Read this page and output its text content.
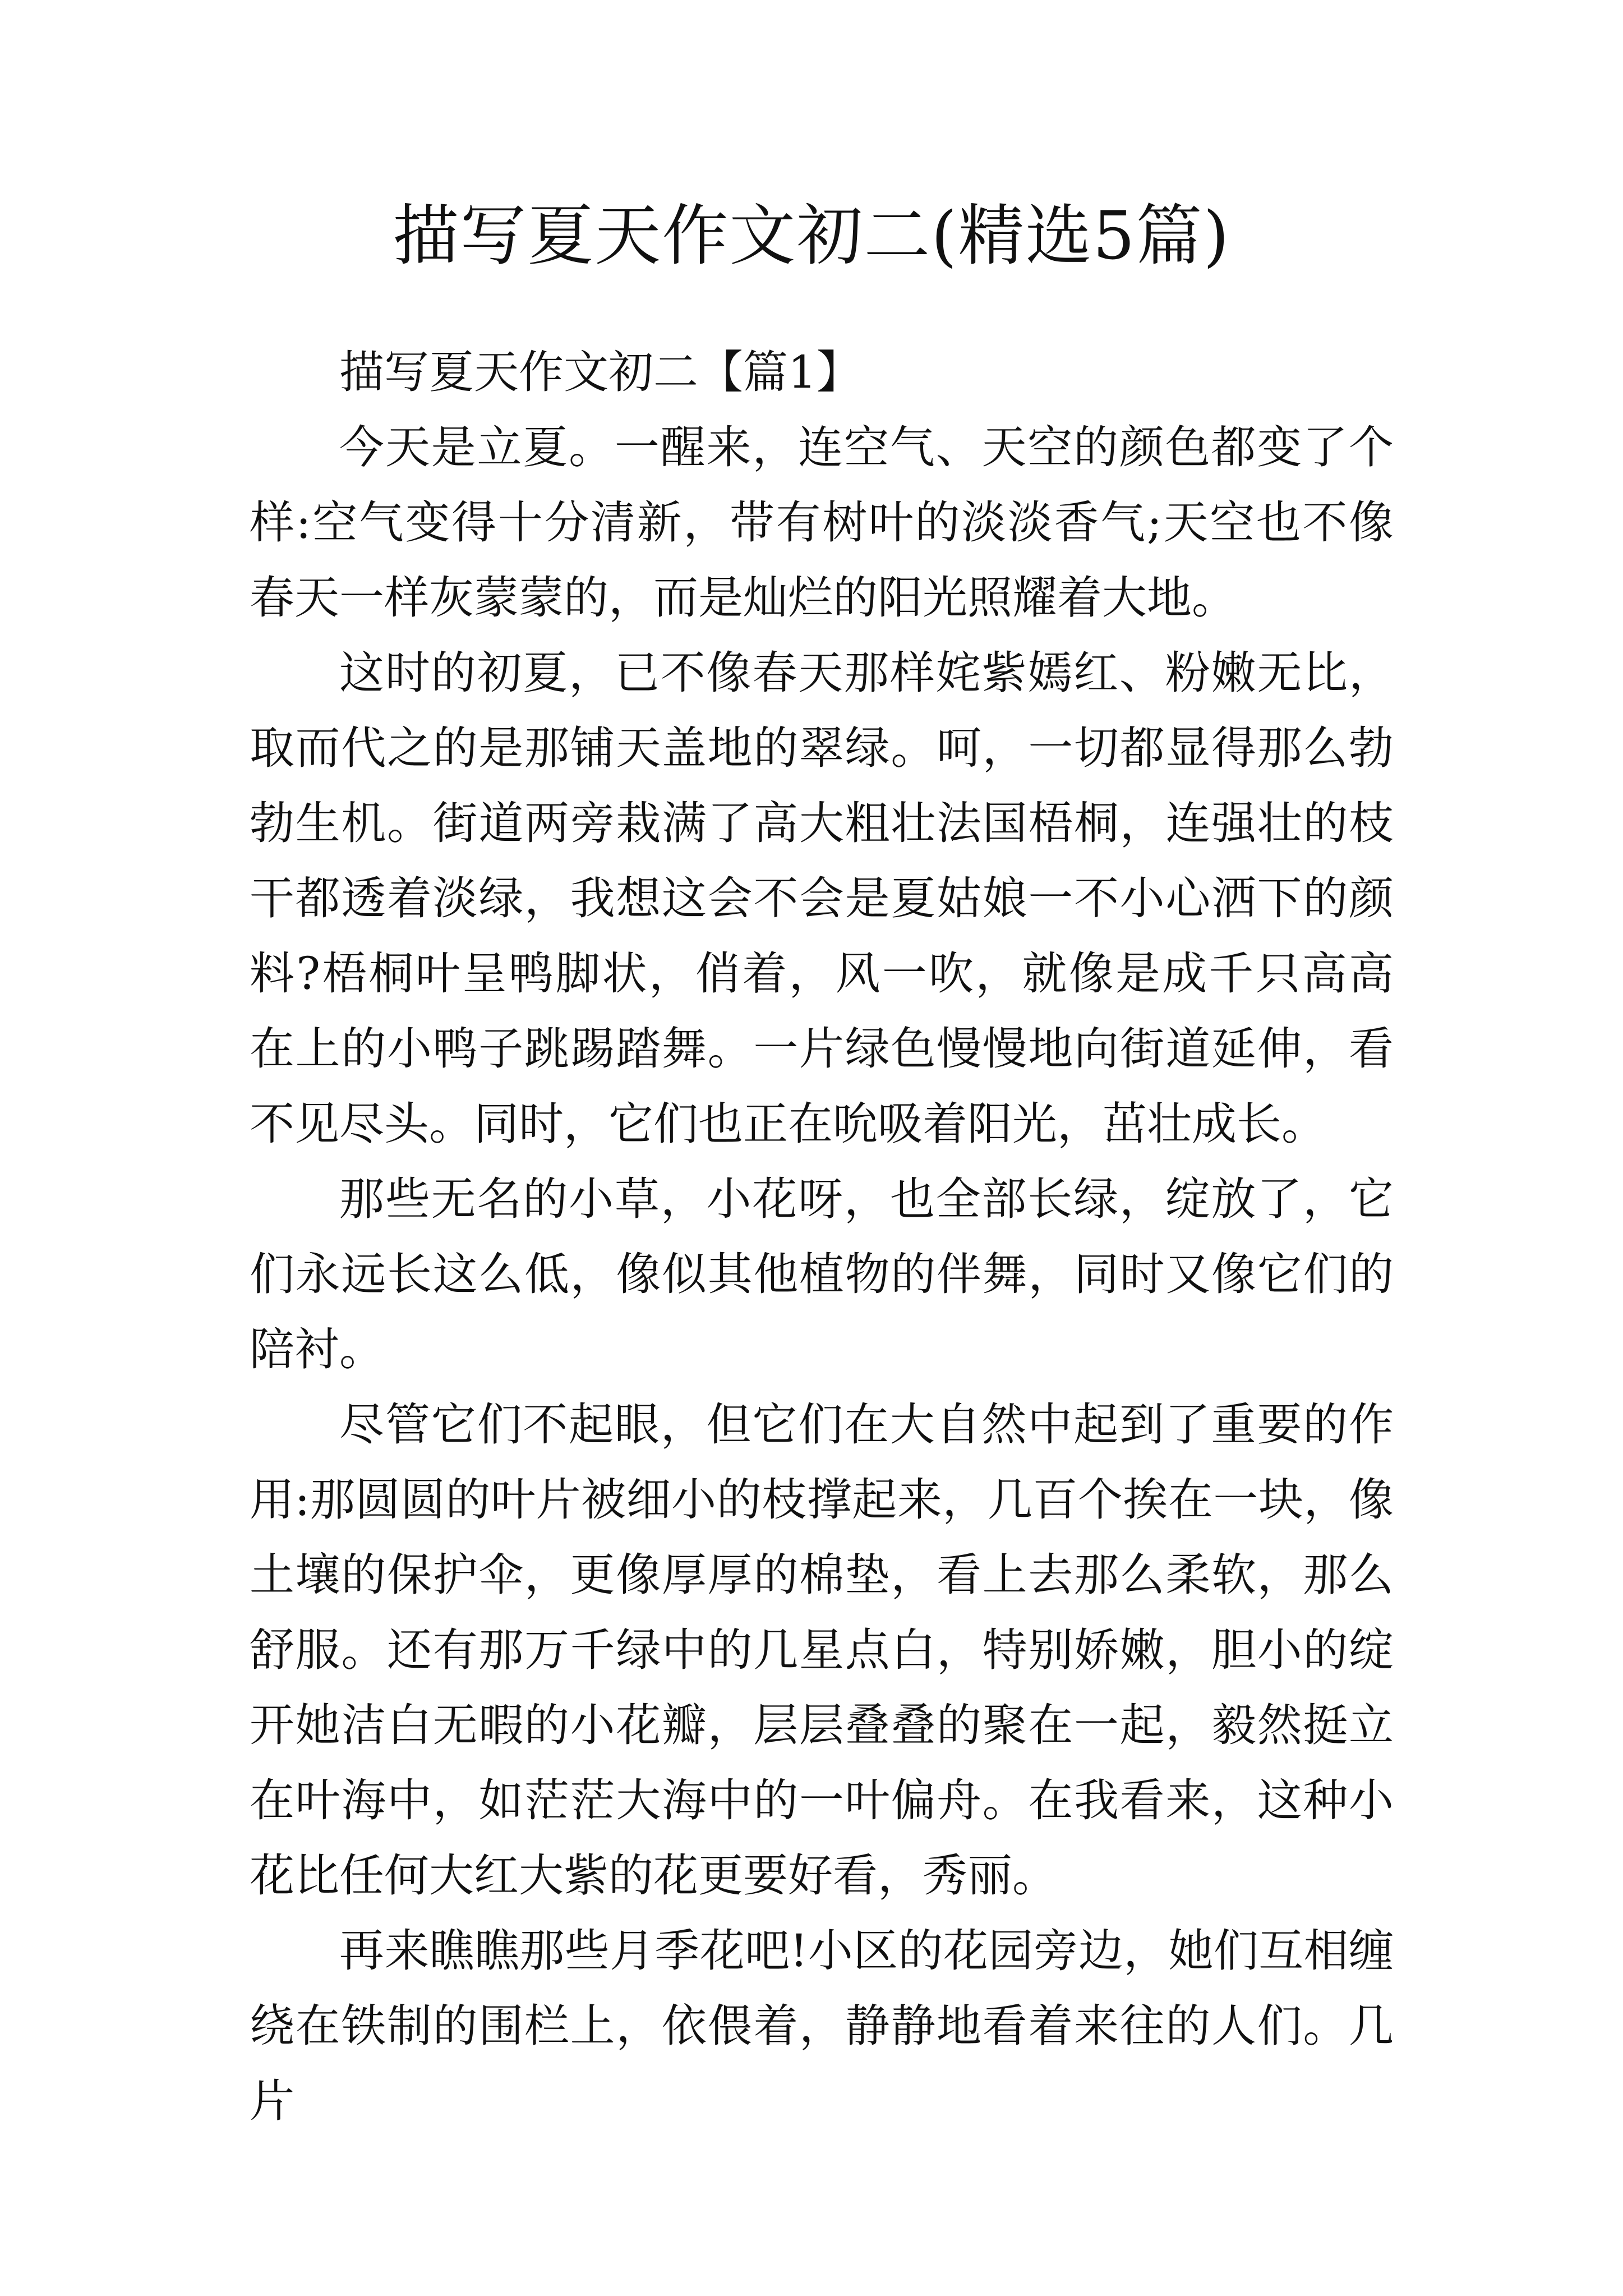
描写夏天作文初二(精选5篇)

描写夏天作文初二【篇1】

今天是立夏。一醒来，连空气、天空的颜色都变了个样:空气变得十分清新，带有树叶的淡淡香气;天空也不像春天一样灰蒙蒙的，而是灿烂的阳光照耀着大地。

这时的初夏，已不像春天那样姹紫嫣红、粉嫩无比，取而代之的是那铺天盖地的翠绿。呵，一切都显得那么勃勃生机。街道两旁栽满了高大粗壮法国梧桐，连强壮的枝干都透着淡绿，我想这会不会是夏姑娘一不小心洒下的颜料?梧桐叶呈鸭脚状，俏着，风一吹，就像是成千只高高在上的小鸭子跳踢踏舞。一片绿色慢慢地向街道延伸，看不见尽头。同时，它们也正在吮吸着阳光，茁壮成长。

那些无名的小草，小花呀，也全部长绿，绽放了，它们永远长这么低，像似其他植物的伴舞，同时又像它们的陪衬。

尽管它们不起眼，但它们在大自然中起到了重要的作用:那圆圆的叶片被细小的枝撑起来，几百个挨在一块，像土壤的保护伞，更像厚厚的棉垫，看上去那么柔软，那么舒服。还有那万千绿中的几星点白，特别娇嫩，胆小的绽开她洁白无暇的小花瓣，层层叠叠的聚在一起，毅然挺立在叶海中，如茫茫大海中的一叶偏舟。在我看来，这种小花比任何大红大紫的花更要好看，秀丽。

再来瞧瞧那些月季花吧!小区的花园旁边，她们互相缠绕在铁制的围栏上，依偎着，静静地看着来往的人们。几片
